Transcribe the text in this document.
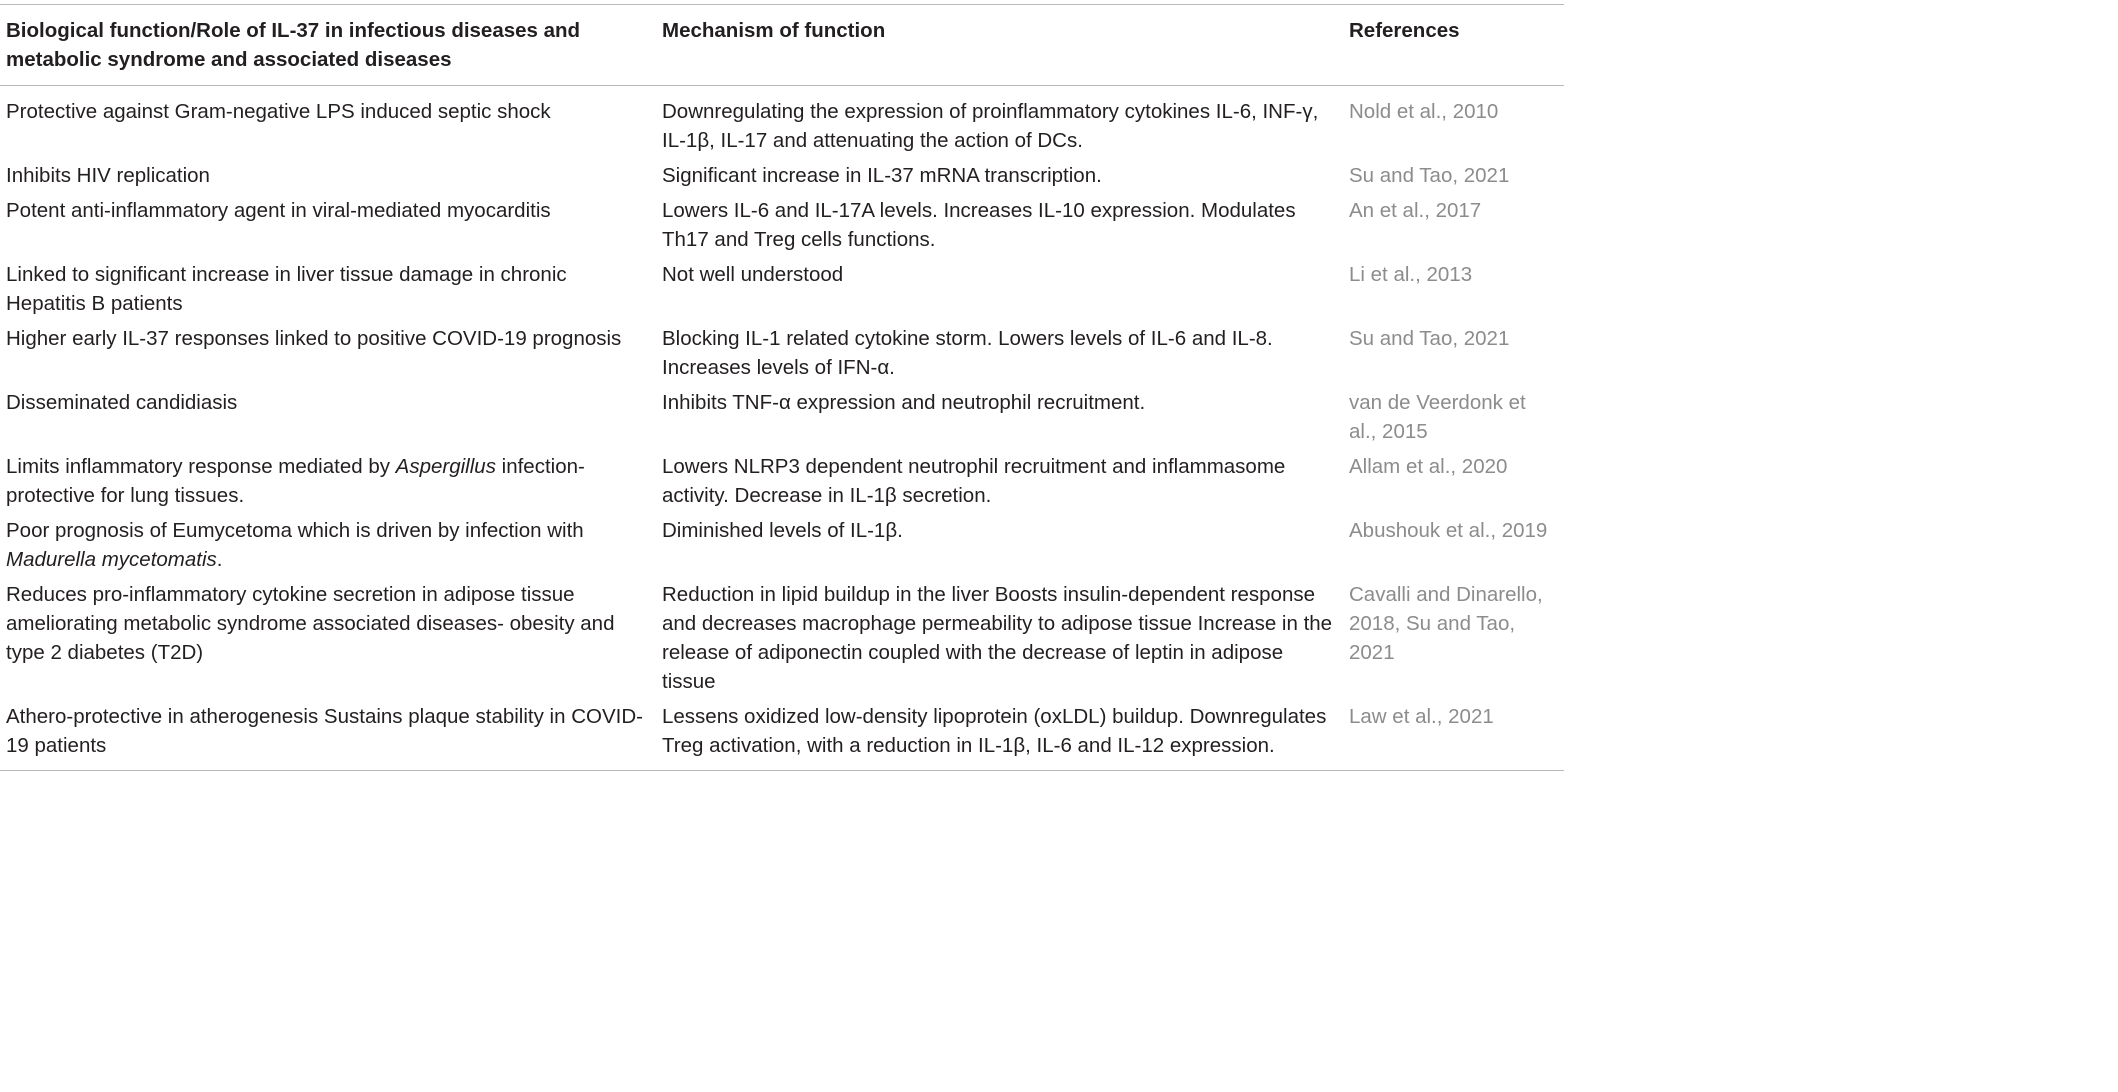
Biological function/Role of IL-37 in infectious diseases and metabolic syndrome and associated diseases	Mechanism of function	References
Protective against Gram-negative LPS induced septic shock	Downregulating the expression of proinflammatory cytokines IL-6, INF-γ, IL-1β, IL-17 and attenuating the action of DCs.	Nold et al., 2010
Inhibits HIV replication	Significant increase in IL-37 mRNA transcription.	Su and Tao, 2021
Potent anti-inflammatory agent in viral-mediated myocarditis	Lowers IL-6 and IL-17A levels. Increases IL-10 expression. Modulates Th17 and Treg cells functions.	An et al., 2017
Linked to significant increase in liver tissue damage in chronic Hepatitis B patients	Not well understood	Li et al., 2013
Higher early IL-37 responses linked to positive COVID-19 prognosis	Blocking IL-1 related cytokine storm. Lowers levels of IL-6 and IL-8. Increases levels of IFN-α.	Su and Tao, 2021
Disseminated candidiasis	Inhibits TNF-α expression and neutrophil recruitment.	van de Veerdonk et al., 2015
Limits inflammatory response mediated by Aspergillus infection-protective for lung tissues.	Lowers NLRP3 dependent neutrophil recruitment and inflammasome activity. Decrease in IL-1β secretion.	Allam et al., 2020
Poor prognosis of Eumycetoma which is driven by infection with Madurella mycetomatis.	Diminished levels of IL-1β.	Abushouk et al., 2019
Reduces pro-inflammatory cytokine secretion in adipose tissue ameliorating metabolic syndrome associated diseases- obesity and type 2 diabetes (T2D)	Reduction in lipid buildup in the liver Boosts insulin-dependent response and decreases macrophage permeability to adipose tissue Increase in the release of adiponectin coupled with the decrease of leptin in adipose tissue	Cavalli and Dinarello, 2018, Su and Tao, 2021
Athero-protective in atherogenesis Sustains plaque stability in COVID-19 patients	Lessens oxidized low-density lipoprotein (oxLDL) buildup. Downregulates Treg activation, with a reduction in IL-1β, IL-6 and IL-12 expression.	Law et al., 2021
